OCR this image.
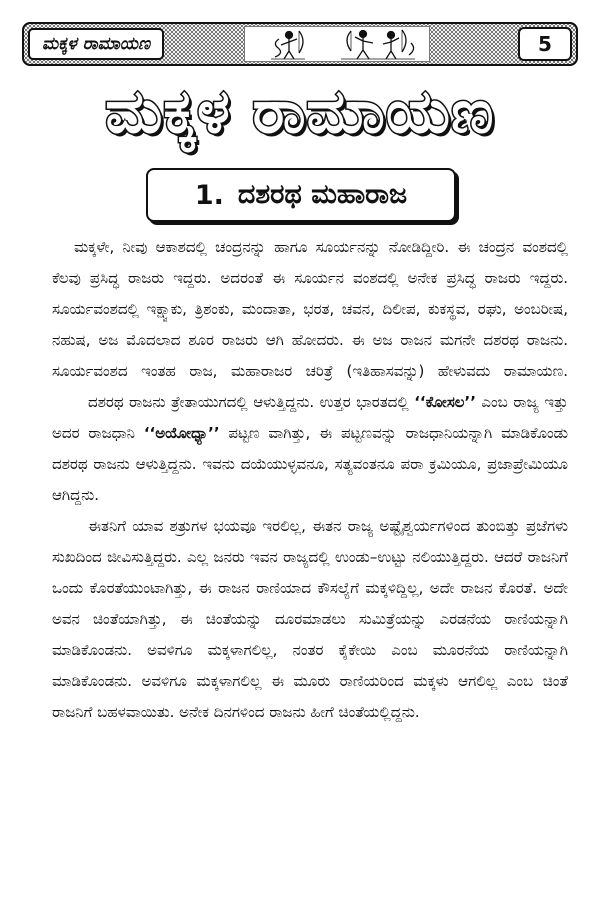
ಮಕ್ಕಳ ರಾಮಾಯಣ	5
ಮಕ್ಕಳ ರಾಮಾಯಣ
1. ದಶರಥ ಮಹಾರಾಜ

ಮಕ್ಕಳೇ, ನೀವು ಆಕಾಶದಲ್ಲಿ ಚಂದ್ರನನ್ನು ಹಾಗೂ ಸೂರ್ಯನನ್ನು ನೋಡಿದ್ದೀರಿ. ಈ ಚಂದ್ರನ ವಂಶದಲ್ಲಿ ಕೆಲವು ಪ್ರಸಿದ್ಧ ರಾಜರು ಇದ್ದರು. ಅದರಂತೆ ಈ ಸೂರ್ಯನ ವಂಶದಲ್ಲಿ ಅನೇಕ ಪ್ರಸಿದ್ಧ ರಾಜರು ಇದ್ದರು. ಸೂರ್ಯವಂಶದಲ್ಲಿ ಇಕ್ಷ್ವಾಕು, ತ್ರಿಶಂಕು, ಮಂದಾತಾ, ಭರತ, ಚವನ, ದಿಲೀಪ, ಕುಕಸ್ಥವ, ರಘು, ಅಂಬರೀಷ, ನಹುಷ, ಅಜ ಮೊದಲಾದ ಶೂರ ರಾಜರು ಆಗಿ ಹೋದರು. ಈ ಅಜ ರಾಜನ ಮಗನೇ ದಶರಥ ರಾಜನು. ಸೂರ್ಯವಂಶದ ಇಂತಹ ರಾಜ, ಮಹಾರಾಜರ ಚರಿತ್ರೆ (ಇತಿಹಾಸವನ್ನು) ಹೇಳುವದು ರಾಮಾಯಣ.

ದಶರಥ ರಾಜನು ತ್ರೇತಾಯುಗದಲ್ಲಿ ಆಳುತ್ತಿದ್ದನು. ಉತ್ತರ ಭಾರತದಲ್ಲಿ ‘‘ಕೋಸಲ’’ ಎಂಬ ರಾಜ್ಯ ಇತ್ತು ಅದರ ರಾಜಧಾನಿ ‘‘ಅಯೋಧ್ಯಾ’’ ಪಟ್ಟಣ ವಾಗಿತ್ತು, ಈ ಪಟ್ಟಣವನ್ನು ರಾಜಧಾನಿಯನ್ನಾಗಿ ಮಾಡಿಕೊಂಡು ದಶರಥ ರಾಜನು ಆಳುತ್ತಿದ್ದನು. ಇವನು ದಯೆಯುಳ್ಳವನೂ, ಸತ್ಯವಂತನೂ ಪರಾ ಕ್ರಮಿಯೂ, ಪ್ರಜಾಪ್ರೇಮಿಯೂ ಆಗಿದ್ದನು.

ಈತನಿಗೆ ಯಾವ ಶತ್ರುಗಳ ಭಯವೂ ಇರಲಿಲ್ಲ, ಈತನ ರಾಜ್ಯ ಅಷ್ಟೈಶ್ವರ್ಯಗಳಿಂದ ತುಂಬಿತ್ತು ಪ್ರಜೆಗಳು ಸುಖದಿಂದ ಜೀವಿಸುತ್ತಿದ್ದರು. ಎಲ್ಲ ಜನರು ಇವನ ರಾಜ್ಯದಲ್ಲಿ ಉಂಡು–ಉಟ್ಟು ನಲಿಯುತ್ತಿದ್ದರು. ಆದರೆ ರಾಜನಿಗೆ ಒಂದು ಕೊರತೆಯುಂಟಾಗಿತ್ತು, ಈ ರಾಜನ ರಾಣಿಯಾದ ಕೌಸಲ್ಯೆಗೆ ಮಕ್ಕಳಿದ್ದಿಲ್ಲ, ಅದೇ ರಾಜನ ಕೊರತೆ. ಅದೇ ಅವನ ಚಿಂತೆಯಾಗಿತ್ತು, ಈ ಚಿಂತೆಯನ್ನು ದೂರಮಾಡಲು ಸುಮಿತ್ರೆಯನ್ನು ಎರಡನೆಯ ರಾಣಿಯನ್ನಾಗಿ ಮಾಡಿಕೊಂಡನು. ಅವಳಿಗೂ ಮಕ್ಕಳಾಗಲಿಲ್ಲ, ನಂತರ ಕೈಕೇಯಿ ಎಂಬ ಮೂರನೆಯ ರಾಣಿಯನ್ನಾಗಿ ಮಾಡಿಕೊಂಡನು. ಅವಳಿಗೂ ಮಕ್ಕಳಾಗಲಿಲ್ಲ ಈ ಮೂರು ರಾಣಿಯರಿಂದ ಮಕ್ಕಳು ಆಗಲಿಲ್ಲ ಎಂಬ ಚಿಂತೆ ರಾಜನಿಗೆ ಬಹಳವಾಯಿತು. ಅನೇಕ ದಿನಗಳಿಂದ ರಾಜನು ಹೀಗೆ ಚಿಂತೆಯಲ್ಲಿದ್ದನು.
